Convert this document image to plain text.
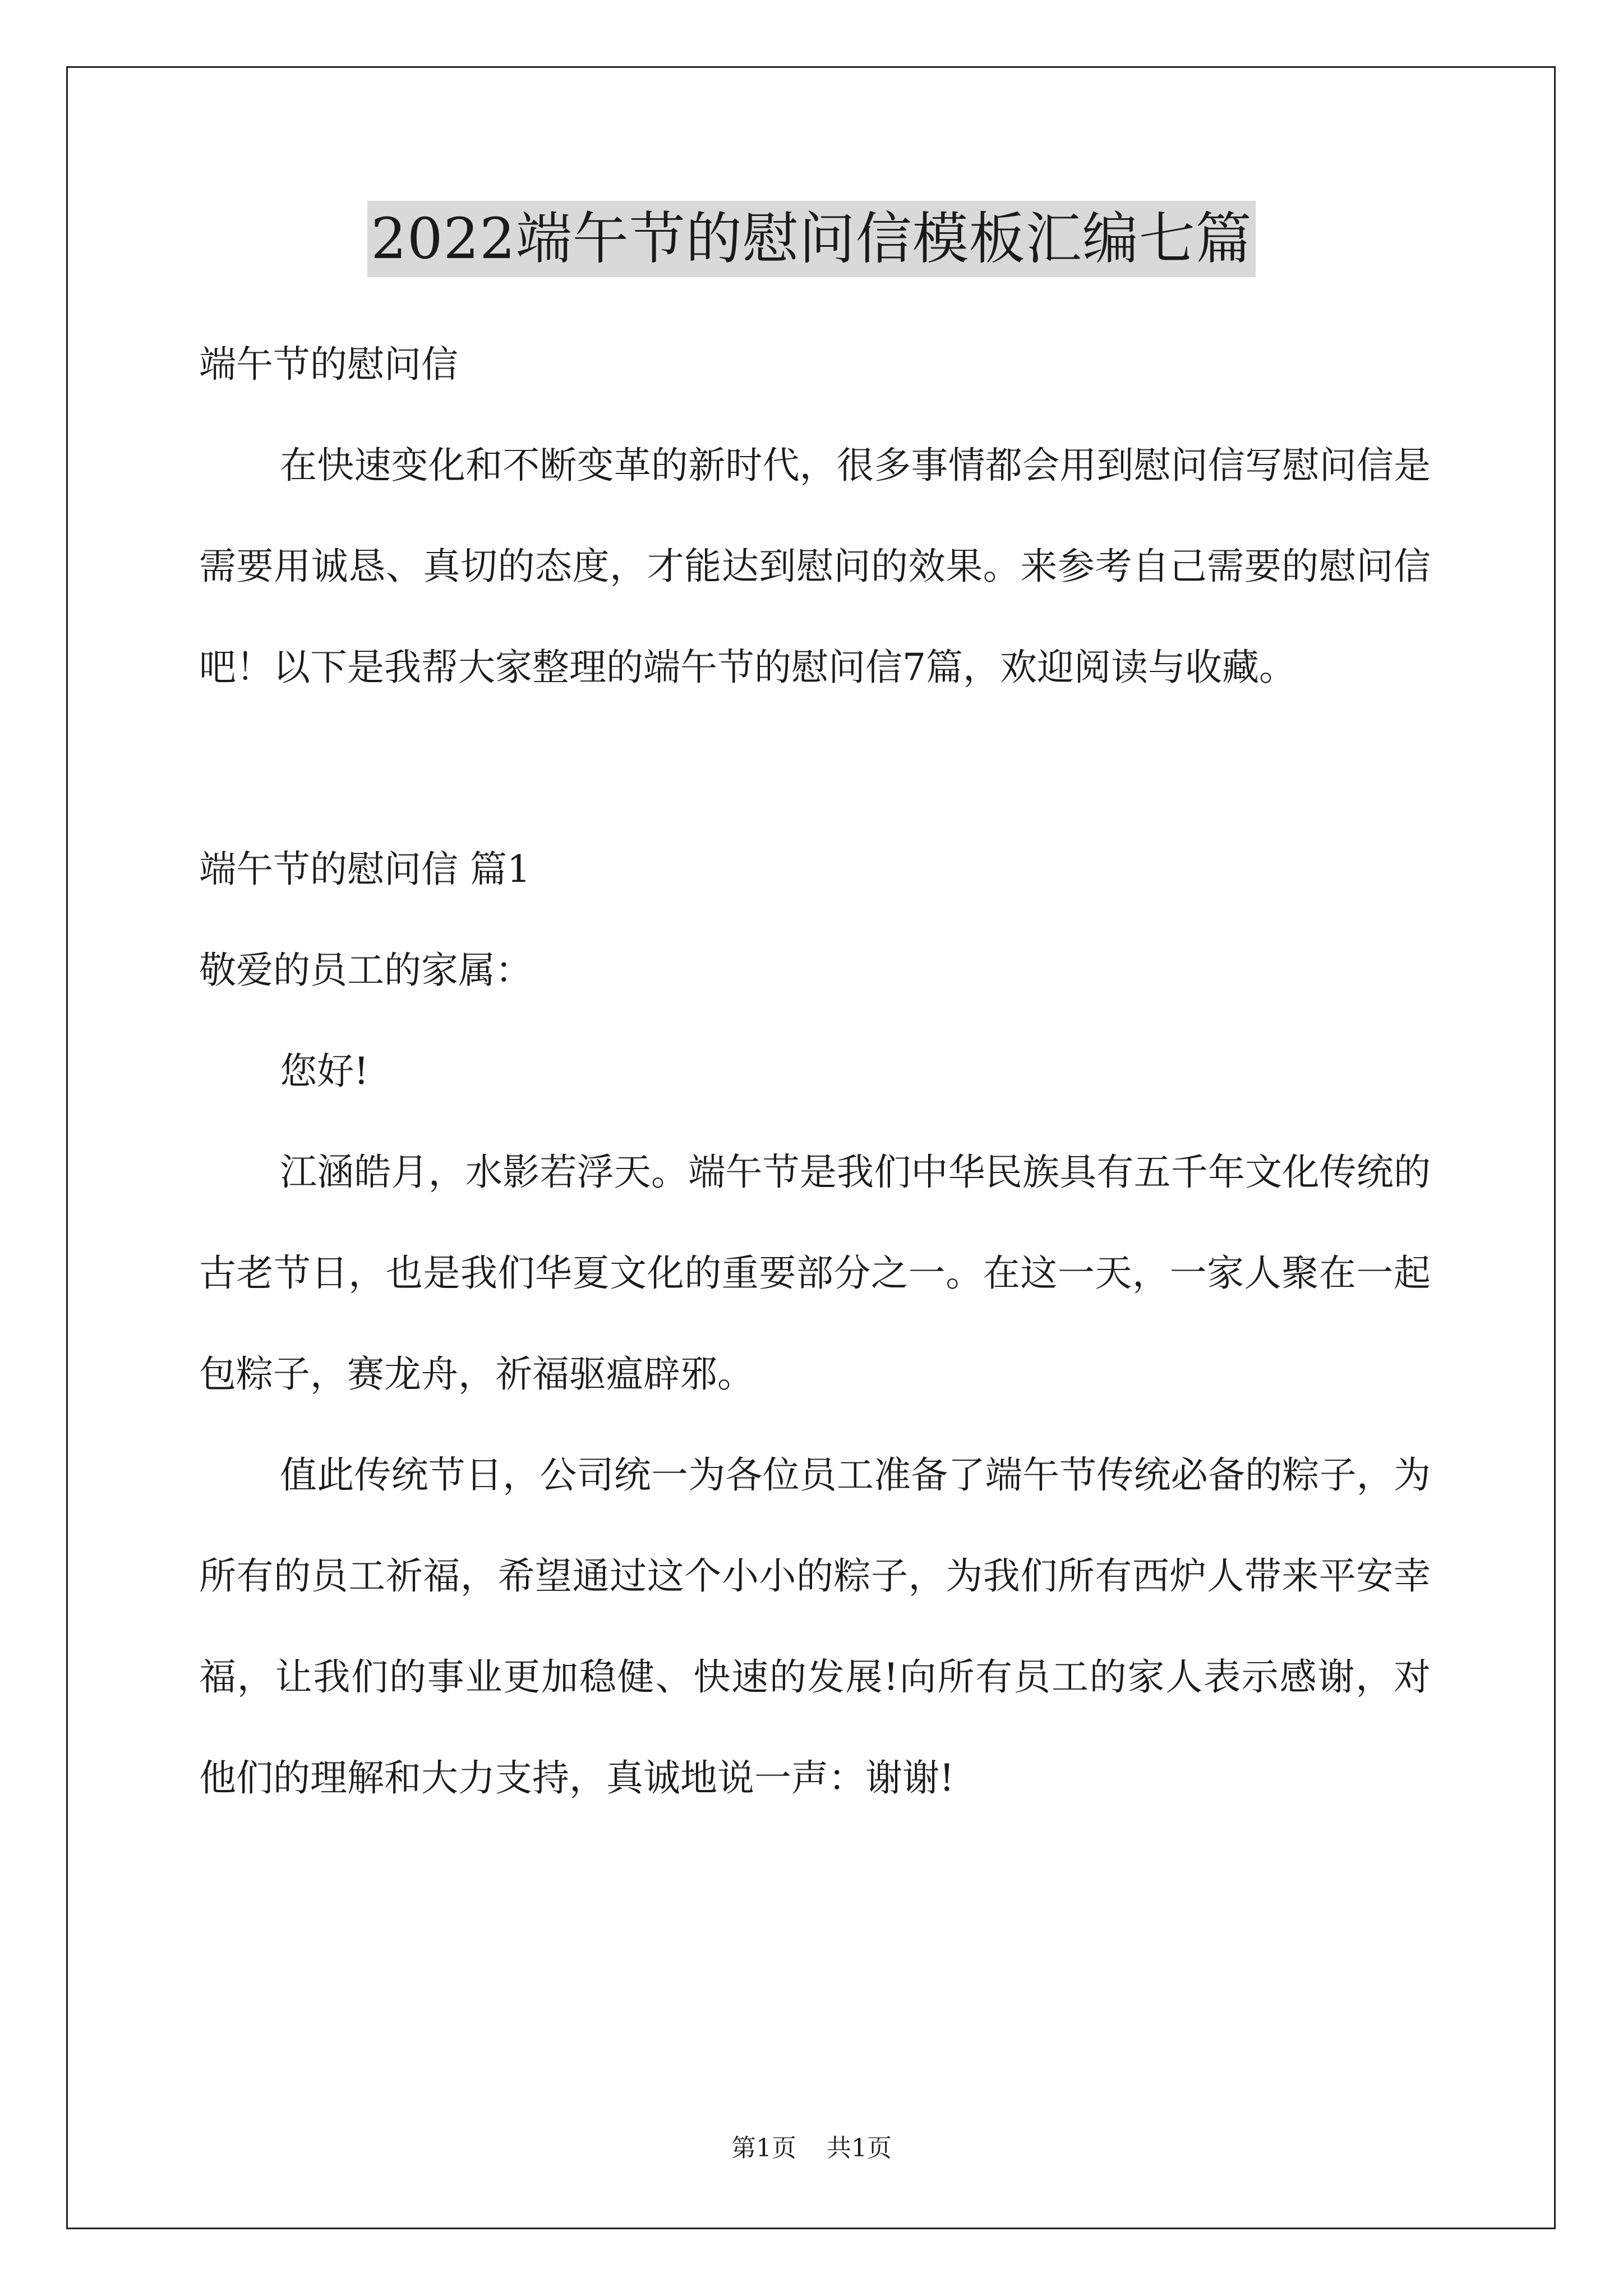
2022端午节的慰问信模板汇编七篇

端午节的慰问信

在快速变化和不断变革的新时代，很多事情都会用到慰问信写慰问信是需要用诚恳、真切的态度，才能达到慰问的效果。来参考自己需要的慰问信吧！以下是我帮大家整理的端午节的慰问信7篇，欢迎阅读与收藏。

端午节的慰问信 篇1

敬爱的员工的家属：

您好!

江涵皓月，水影若浮天。端午节是我们中华民族具有五千年文化传统的古老节日，也是我们华夏文化的重要部分之一。在这一天，一家人聚在一起包粽子，赛龙舟，祈福驱瘟辟邪。

值此传统节日，公司统一为各位员工准备了端午节传统必备的粽子，为所有的员工祈福，希望通过这个小小的粽子，为我们所有西炉人带来平安幸福，让我们的事业更加稳健、快速的发展!向所有员工的家人表示感谢，对他们的理解和大力支持，真诚地说一声：谢谢!

第1页 共1页
